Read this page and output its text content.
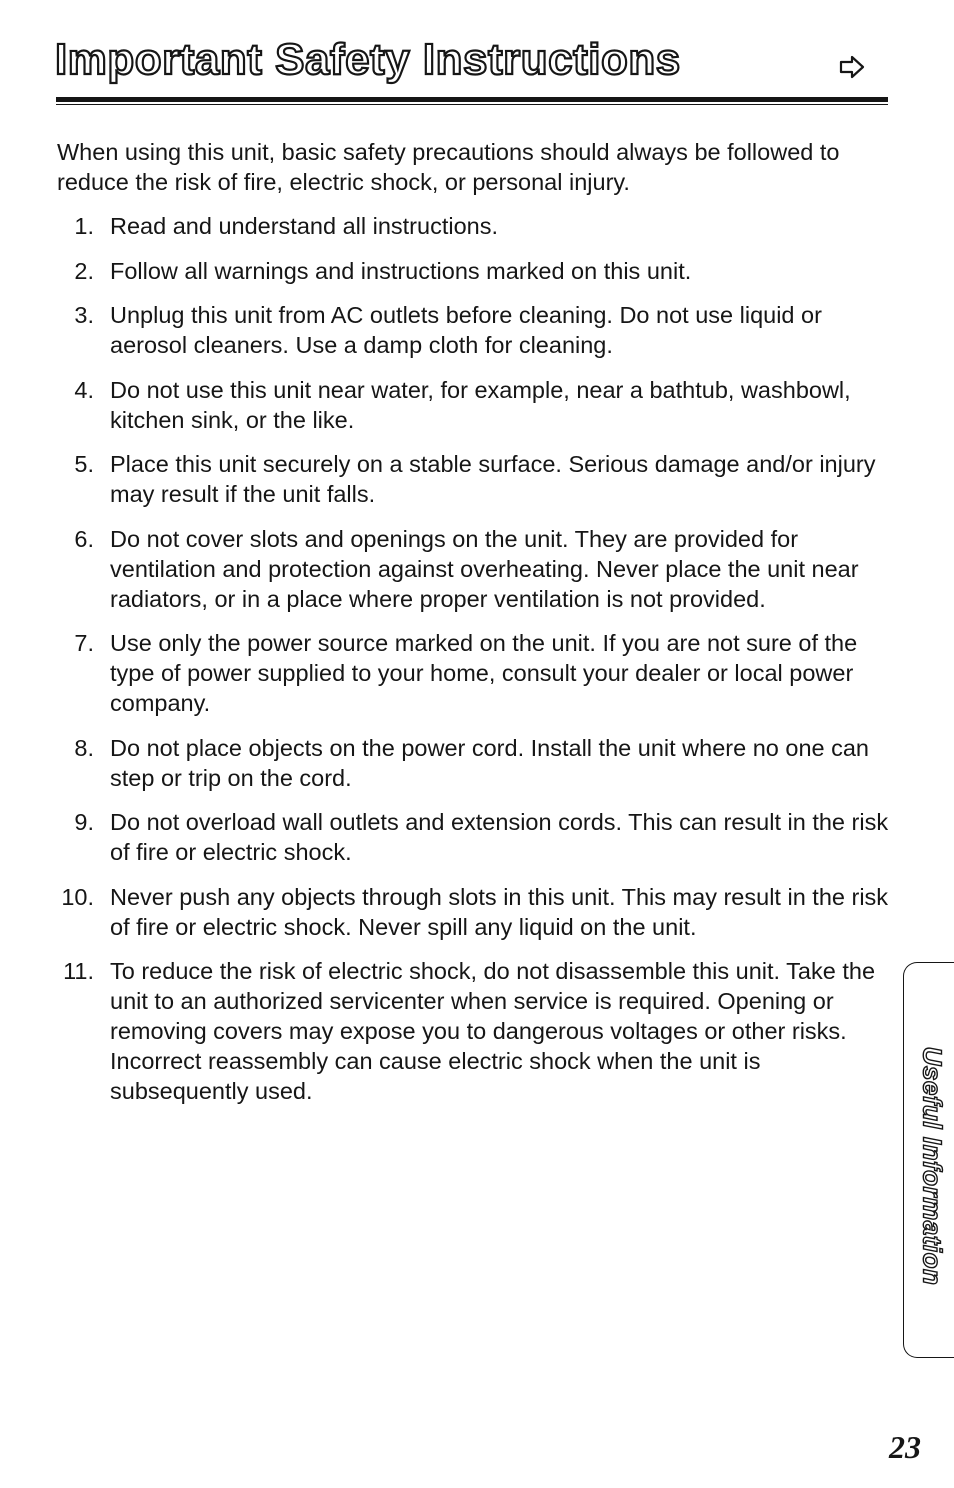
Important Safety Instructions

When using this unit, basic safety precautions should always be followed to reduce the risk of fire, electric shock, or personal injury.

1. Read and understand all instructions.
2. Follow all warnings and instructions marked on this unit.
3. Unplug this unit from AC outlets before cleaning. Do not use liquid or aerosol cleaners. Use a damp cloth for cleaning.
4. Do not use this unit near water, for example, near a bathtub, washbowl, kitchen sink, or the like.
5. Place this unit securely on a stable surface. Serious damage and/or injury may result if the unit falls.
6. Do not cover slots and openings on the unit. They are provided for ventilation and protection against overheating. Never place the unit near radiators, or in a place where proper ventilation is not provided.
7. Use only the power source marked on the unit. If you are not sure of the type of power supplied to your home, consult your dealer or local power company.
8. Do not place objects on the power cord. Install the unit where no one can step or trip on the cord.
9. Do not overload wall outlets and extension cords. This can result in the risk of fire or electric shock.
10. Never push any objects through slots in this unit. This may result in the risk of fire or electric shock. Never spill any liquid on the unit.
11. To reduce the risk of electric shock, do not disassemble this unit. Take the unit to an authorized servicenter when service is required. Opening or removing covers may expose you to dangerous voltages or other risks. Incorrect reassembly can cause electric shock when the unit is subsequently used.	Useful Information
23
